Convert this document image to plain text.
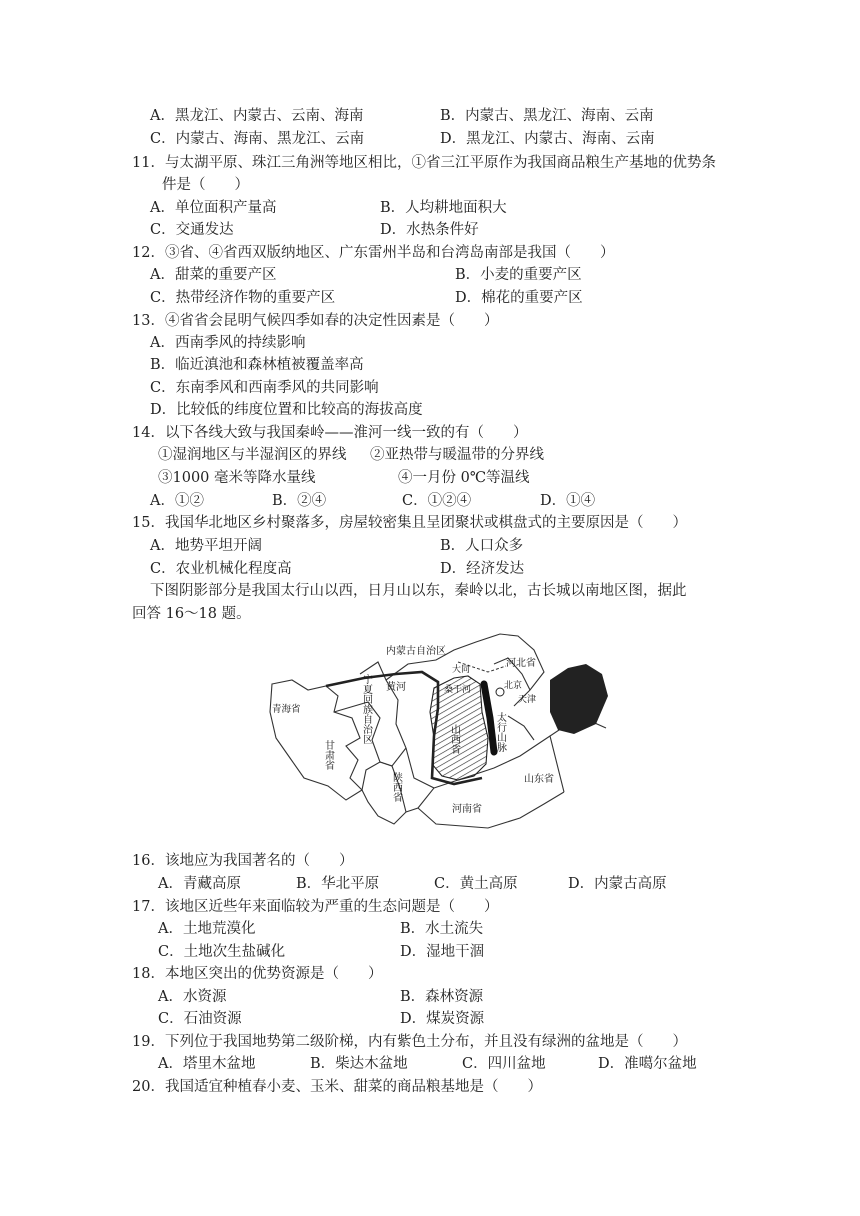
A．黑龙江、内蒙古、云南、海南	B．内蒙古、黑龙江、海南、云南
C．内蒙古、海南、黑龙江、云南	D．黑龙江、内蒙古、海南、云南
11．与太湖平原、珠江三角洲等地区相比，①省三江平原作为我国商品粮生产基地的优势条
件是（　　）
A．单位面积产量高	B．人均耕地面积大
C．交通发达	D．水热条件好
12．③省、④省西双版纳地区、广东雷州半岛和台湾岛南部是我国（　　）
A．甜菜的重要产区	B．小麦的重要产区
C．热带经济作物的重要产区	D．棉花的重要产区
13．④省省会昆明气候四季如春的决定性因素是（　　）
A．西南季风的持续影响
B．临近滇池和森林植被覆盖率高
C．东南季风和西南季风的共同影响
D．比较低的纬度位置和比较高的海拔高度
14．以下各线大致与我国秦岭——淮河一线一致的有（　　）
①湿润地区与半湿润区的界线 ②亚热带与暖温带的分界线
③1000 毫米等降水量线	④一月份 0℃等温线
A．①②	B．②④	C．①②④	D．①④
15．我国华北地区乡村聚落多，房屋较密集且呈团聚状或棋盘式的主要原因是（　　）
A．地势平坦开阔	B．人口众多
C．农业机械化程度高	D．经济发达
下图阴影部分是我国太行山以西，日月山以东，秦岭以北，古长城以南地区图，据此
回答 16～18 题。
16．该地应为我国著名的（　　）
A．青藏高原	B．华北平原	C．黄土高原	D．内蒙古高原
17．该地区近些年来面临较为严重的生态问题是（　　）
A．土地荒漠化	B．水土流失
C．土地次生盐碱化	D．湿地干涸
18．本地区突出的优势资源是（　　）
A．水资源	B．森林资源
C．石油资源	D．煤炭资源
19．下列位于我国地势第二级阶梯，内有紫色土分布，并且没有绿洲的盆地是（　　）
A．塔里木盆地	B．柴达木盆地	C．四川盆地	D．准噶尔盆地
20．我国适宜种植春小麦、玉米、甜菜的商品粮基地是（　　）
内蒙古自治区
河北省
大同
北京
天津
黄河	桑干河
青海省
山东省
河南省
宁夏回族自治区
甘肃省
陕西省
山西省	太行山脉
